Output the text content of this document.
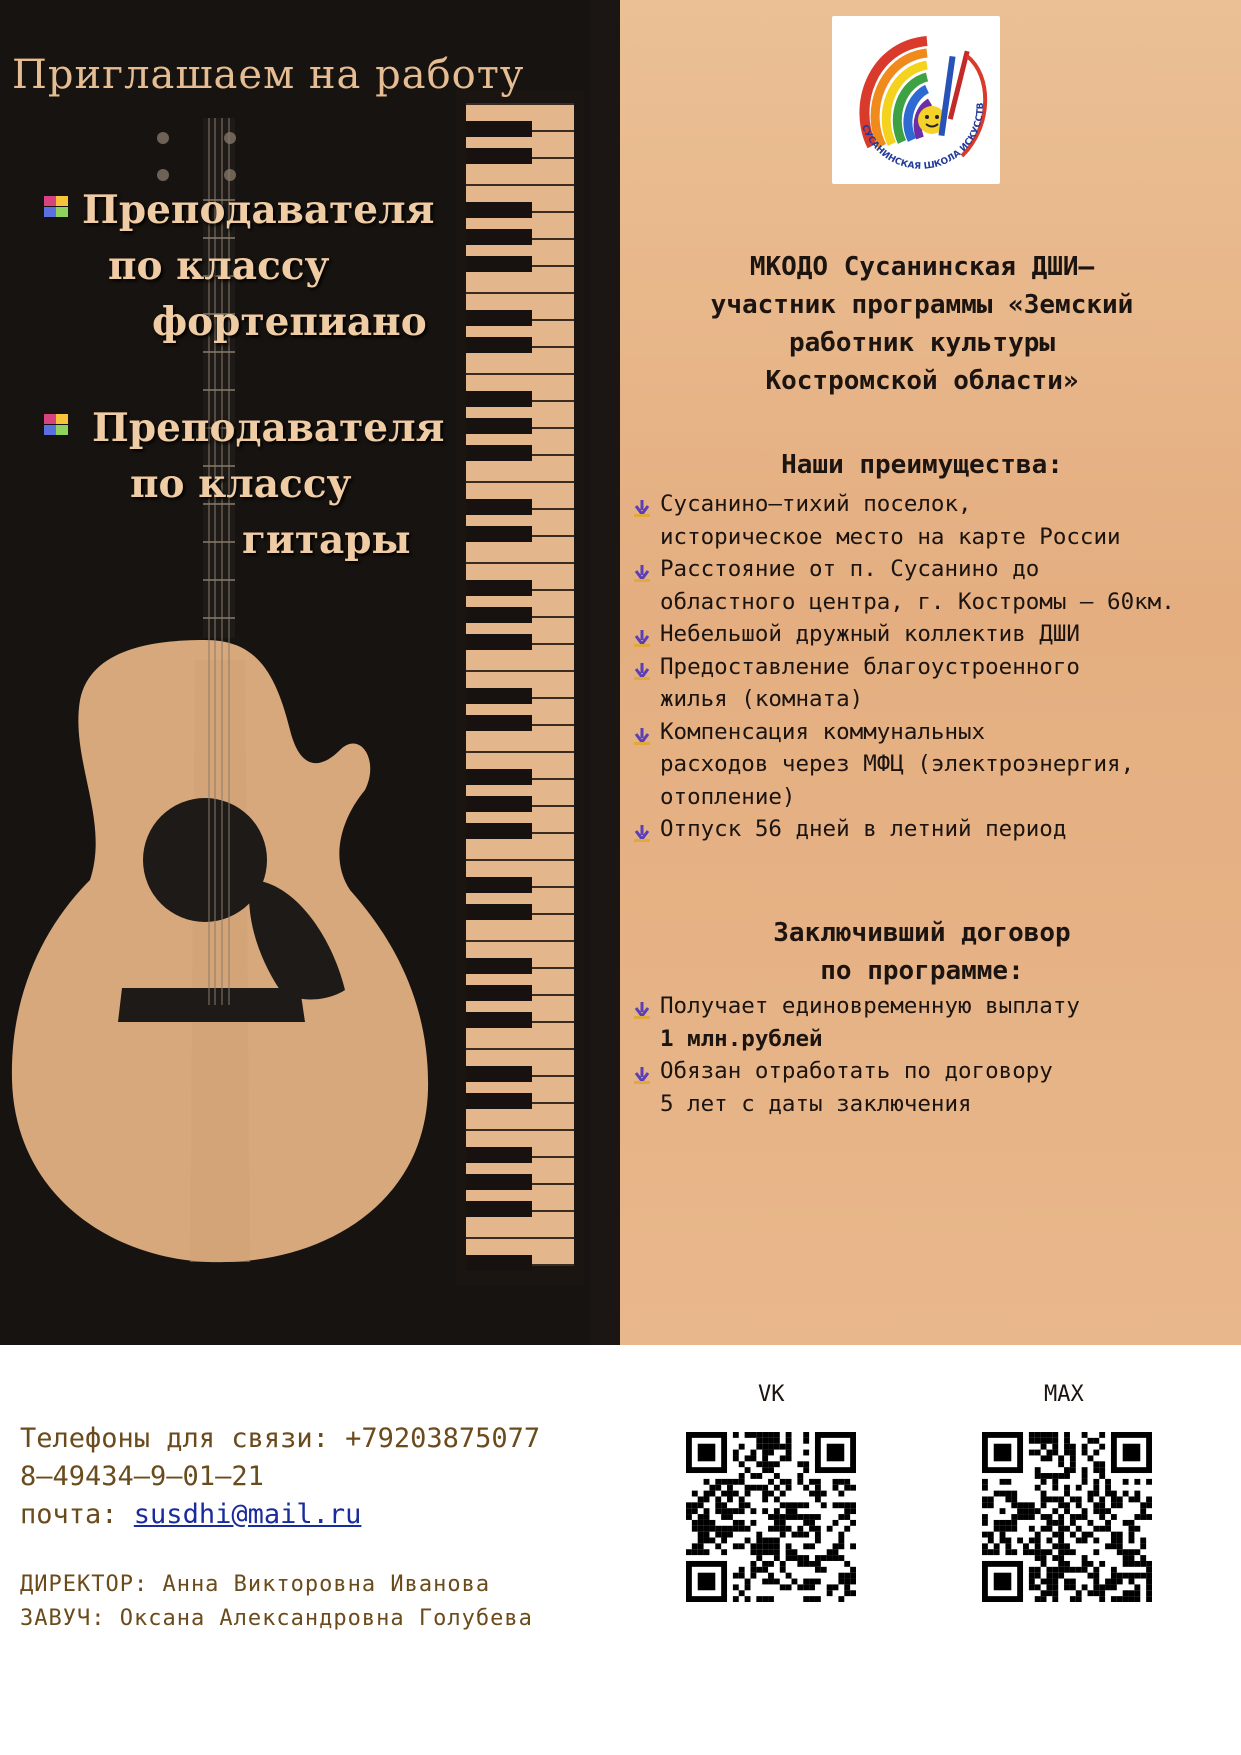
Приглашаем на работу
Преподавателя
по классу
фортепиано
Преподавателя
по классу
гитары
СУСАНИНСКАЯ ШКОЛА ИСКУССТВ
МКОДО Сусанинская ДШИ–
участник программы «Земский
работник культуры
Костромской области»
Наши преимущества:
Сусанино–тихий поселок,
историческое место на карте России
Расстояние от п. Сусанино до
областного центра, г. Костромы – 60км.
Небельшой дружный коллектив ДШИ
Предоставление благоустроенного
жилья (комната)
Компенсация коммунальных
расходов через МФЦ (электроэнергия,
отопление)
Отпуск 56 дней в летний период
Заключивший договор
по программе:
Получает единовременную выплату
1 млн.рублей
Обязан отработать по договору
5 лет с даты заключения
Телефоны для связи: +79203875077
8–49434–9–01–21
почта: susdhi@mail.ru
ДИРЕКТОР: Анна Викторовна Иванова
ЗАВУЧ: Оксана Александровна Голубева
VK	MAX
